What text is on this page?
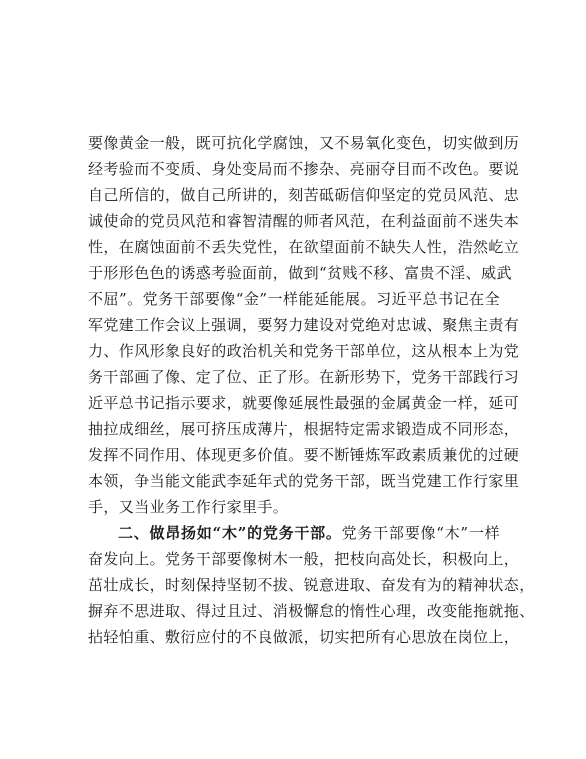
要像黄金一般，既可抗化学腐蚀，又不易氧化变色，切实做到历
经考验而不变质、身处变局而不掺杂、亮丽夺目而不改色。要说
自己所信的，做自己所讲的，刻苦砥砺信仰坚定的党员风范、忠
诚使命的党员风范和睿智清醒的师者风范，在利益面前不迷失本
性，在腐蚀面前不丢失党性，在欲望面前不缺失人性，浩然屹立
于形形色色的诱惑考验面前，做到“贫贱不移、富贵不淫、威武
不屈”。党务干部要像“金”一样能延能展。习近平总书记在全
军党建工作会议上强调，要努力建设对党绝对忠诚、聚焦主责有
力、作风形象良好的政治机关和党务干部单位，这从根本上为党
务干部画了像、定了位、正了形。在新形势下，党务干部践行习
近平总书记指示要求，就要像延展性最强的金属黄金一样，延可
抽拉成细丝，展可挤压成薄片，根据特定需求锻造成不同形态，
发挥不同作用、体现更多价值。要不断锤炼军政素质兼优的过硬
本领，争当能文能武李延年式的党务干部，既当党建工作行家里
手，又当业务工作行家里手。
二、做昂扬如“木”的党务干部。党务干部要像“木”一样
奋发向上。党务干部要像树木一般，把枝向高处长，积极向上，
茁壮成长，时刻保持坚韧不拔、锐意进取、奋发有为的精神状态，
摒弃不思进取、得过且过、消极懈怠的惰性心理，改变能拖就拖、
拈轻怕重、敷衍应付的不良做派，切实把所有心思放在岗位上，
